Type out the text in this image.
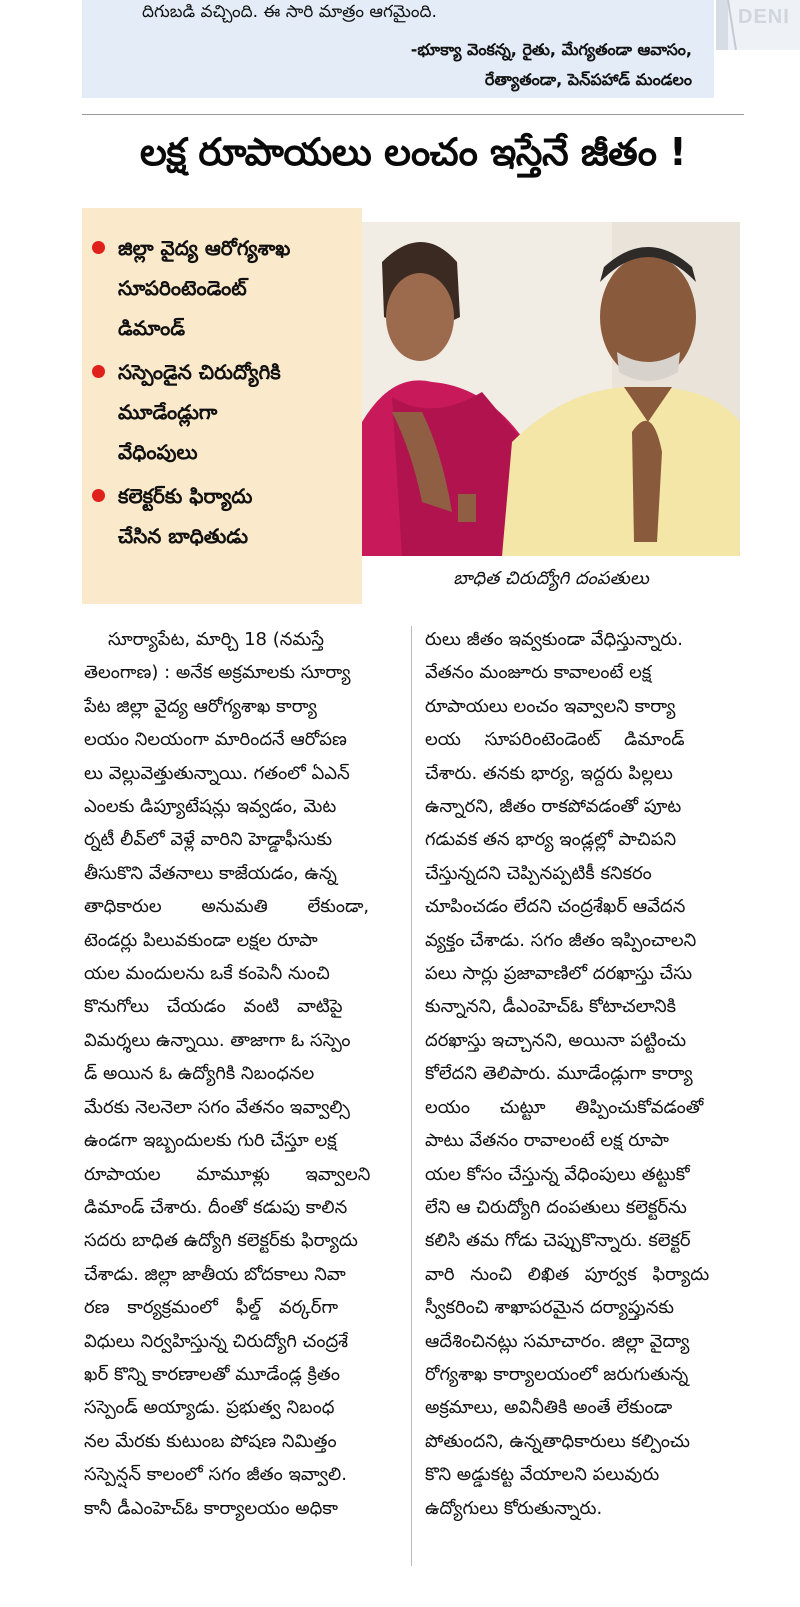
దిగుబడి వచ్చింది. ఈ సారి మాత్రం ఆగమైంది.
-భూక్యా వెంకన్న, రైతు, మేగ్యతండా ఆవాసం,
రేత్యాతండా, పెన్‌పహాడ్ మండలం
DENI
లక్ష రూపాయలు లంచం ఇస్తేనే జీతం !
జిల్లా వైద్య ఆరోగ్యశాఖ
సూపరింటెండెంట్
డిమాండ్
సస్పెండైన చిరుద్యోగికి
మూడేండ్లుగా
వేధింపులు
కలెక్టర్‌కు ఫిర్యాదు
చేసిన బాధితుడు
బాధిత చిరుద్యోగి దంపతులు
సూర్యాపేట, మార్చి 18 (నమస్తే
తెలంగాణ) : అనేక అక్రమాలకు సూర్యా
పేట జిల్లా వైద్య ఆరోగ్యశాఖ కార్యా
లయం నిలయంగా మారిందనే ఆరోపణ
లు వెల్లువెత్తుతున్నాయి. గతంలో ఏఎన్
ఎంలకు డిప్యూటేషన్లు ఇవ్వడం, మెట
ర్నటీ లీవ్‌లో వెళ్లే వారిని హెడ్డాఫీసుకు
తీసుకొని వేతనాలు కాజేయడం, ఉన్న
తాధికారుల అనుమతి లేకుండా,
టెండర్లు పిలువకుండా లక్షల రూపా
యల మందులను ఒకే కంపెనీ నుంచి
కొనుగోలు చేయడం వంటి వాటిపై
విమర్శలు ఉన్నాయి. తాజాగా ఓ సస్పెం
డ్ అయిన ఓ ఉద్యోగికి నిబంధనల
మేరకు నెలనెలా సగం వేతనం ఇవ్వాల్సి
ఉండగా ఇబ్బందులకు గురి చేస్తూ లక్ష
రూపాయల మామూళ్లు ఇవ్వాలని
డిమాండ్ చేశారు. దీంతో కడుపు కాలిన
సదరు బాధిత ఉద్యోగి కలెక్టర్‌కు ఫిర్యాదు
చేశాడు. జిల్లా జాతీయ బోదకాలు నివా
రణ కార్యక్రమంలో ఫీల్డ్ వర్కర్‌గా
విధులు నిర్వహిస్తున్న చిరుద్యోగి చంద్రశే
ఖర్ కొన్ని కారణాలతో మూడేండ్ల క్రితం
సస్పెండ్ అయ్యాడు. ప్రభుత్వ నిబంధ
నల మేరకు కుటుంబ పోషణ నిమిత్తం
సస్పెన్షన్ కాలంలో సగం జీతం ఇవ్వాలి.
కానీ డీఎంహెచ్‌ఓ కార్యాలయం అధికా
రులు జీతం ఇవ్వకుండా వేధిస్తున్నారు.
వేతనం మంజూరు కావాలంటే లక్ష
రూపాయలు లంచం ఇవ్వాలని కార్యా
లయ సూపరింటెండెంట్ డిమాండ్
చేశారు. తనకు భార్య, ఇద్దరు పిల్లలు
ఉన్నారని, జీతం రాకపోవడంతో పూట
గడువక తన భార్య ఇండ్లల్లో పాచిపని
చేస్తున్నదని చెప్పినప్పటికీ కనికరం
చూపించడం లేదని చంద్రశేఖర్ ఆవేదన
వ్యక్తం చేశాడు. సగం జీతం ఇప్పించాలని
పలు సార్లు ప్రజావాణిలో దరఖాస్తు చేసు
కున్నానని, డీఎంహెచ్‌ఓ కోటాచలానికి
దరఖాస్తు ఇచ్చానని, అయినా పట్టించు
కోలేదని తెలిపారు. మూడేండ్లుగా కార్యా
లయం చుట్టూ తిప్పించుకోవడంతో
పాటు వేతనం రావాలంటే లక్ష రూపా
యల కోసం చేస్తున్న వేధింపులు తట్టుకో
లేని ఆ చిరుద్యోగి దంపతులు కలెక్టర్‌ను
కలిసి తమ గోడు చెప్పుకొన్నారు. కలెక్టర్
వారి నుంచి లిఖిత పూర్వక ఫిర్యాదు
స్వీకరించి శాఖాపరమైన దర్యాప్తునకు
ఆదేశించినట్లు సమాచారం. జిల్లా వైద్యా
రోగ్యశాఖ కార్యాలయంలో జరుగుతున్న
అక్రమాలు, అవినీతికి అంతే లేకుండా
పోతుందని, ఉన్నతాధికారులు కల్పించు
కొని అడ్డుకట్ట వేయాలని పలువురు
ఉద్యోగులు కోరుతున్నారు.
